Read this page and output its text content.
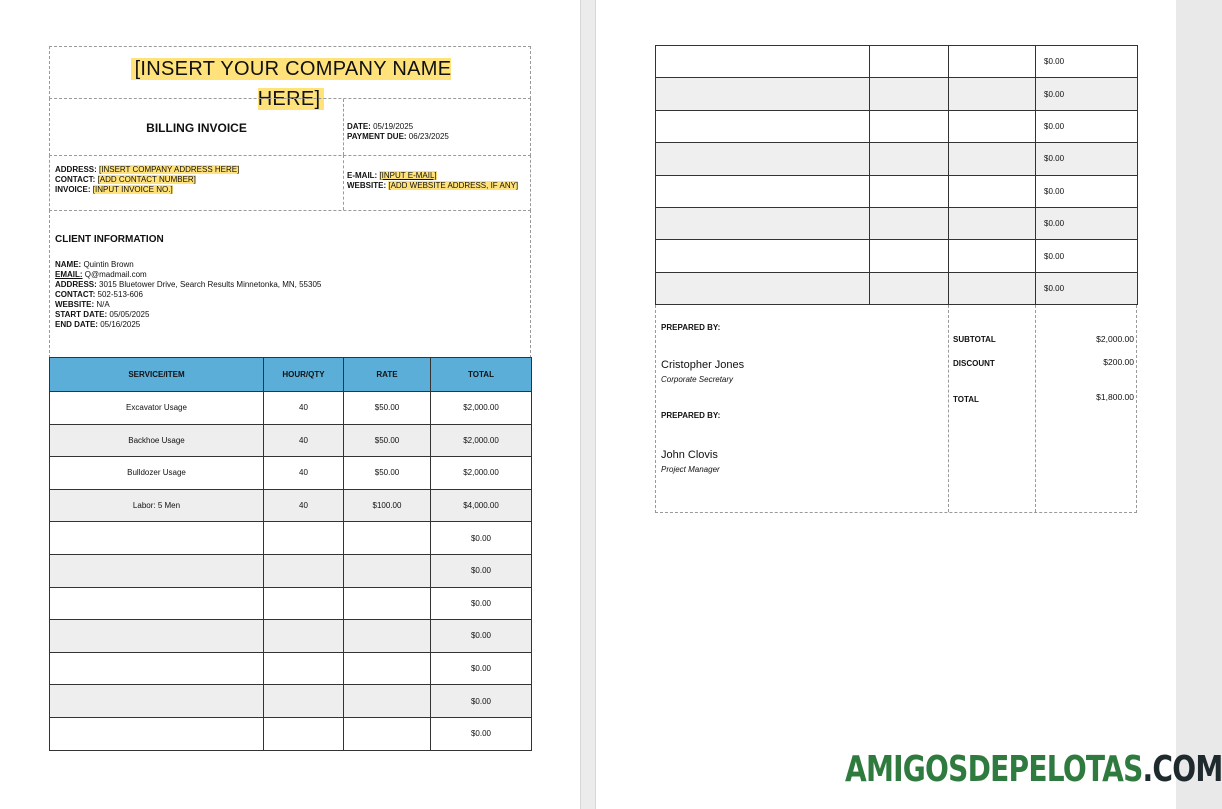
[INSERT YOUR COMPANY NAME HERE]
BILLING INVOICE	DATE: 05/19/2025
PAYMENT DUE: 06/23/2025
ADDRESS: [INSERT COMPANY ADDRESS HERE]
CONTACT: [ADD CONTACT NUMBER]
INVOICE: [INPUT INVOICE NO.]
E-MAIL: [INPUT E-MAIL]
WEBSITE: [ADD WEBSITE ADDRESS, IF ANY]
CLIENT INFORMATION
NAME: Quintin Brown
EMAIL: Q@madmail.com
ADDRESS: 3015 Bluetower Drive, Search Results Minnetonka, MN, 55305
CONTACT: 502-513-606
WEBSITE: N/A
START DATE: 05/05/2025
END DATE: 05/16/2025
SERVICE/ITEM	HOUR/QTY	RATE	TOTAL
Excavator Usage	40	$50.00	$2,000.00
Backhoe Usage	40	$50.00	$2,000.00
Bulldozer Usage	40	$50.00	$2,000.00
Labor: 5 Men	40	$100.00	$4,000.00
			$0.00
			$0.00
			$0.00
			$0.00
			$0.00
			$0.00
			$0.00
			$0.00
			$0.00
			$0.00
			$0.00
			$0.00
			$0.00
			$0.00
			$0.00
PREPARED BY:
Cristopher Jones
Corporate Secretary
PREPARED BY:
John Clovis
Project Manager
SUBTOTAL	$2,000.00
DISCOUNT	$200.00
TOTAL	$1,800.00
AMIGOSDEPELOTAS.COM
